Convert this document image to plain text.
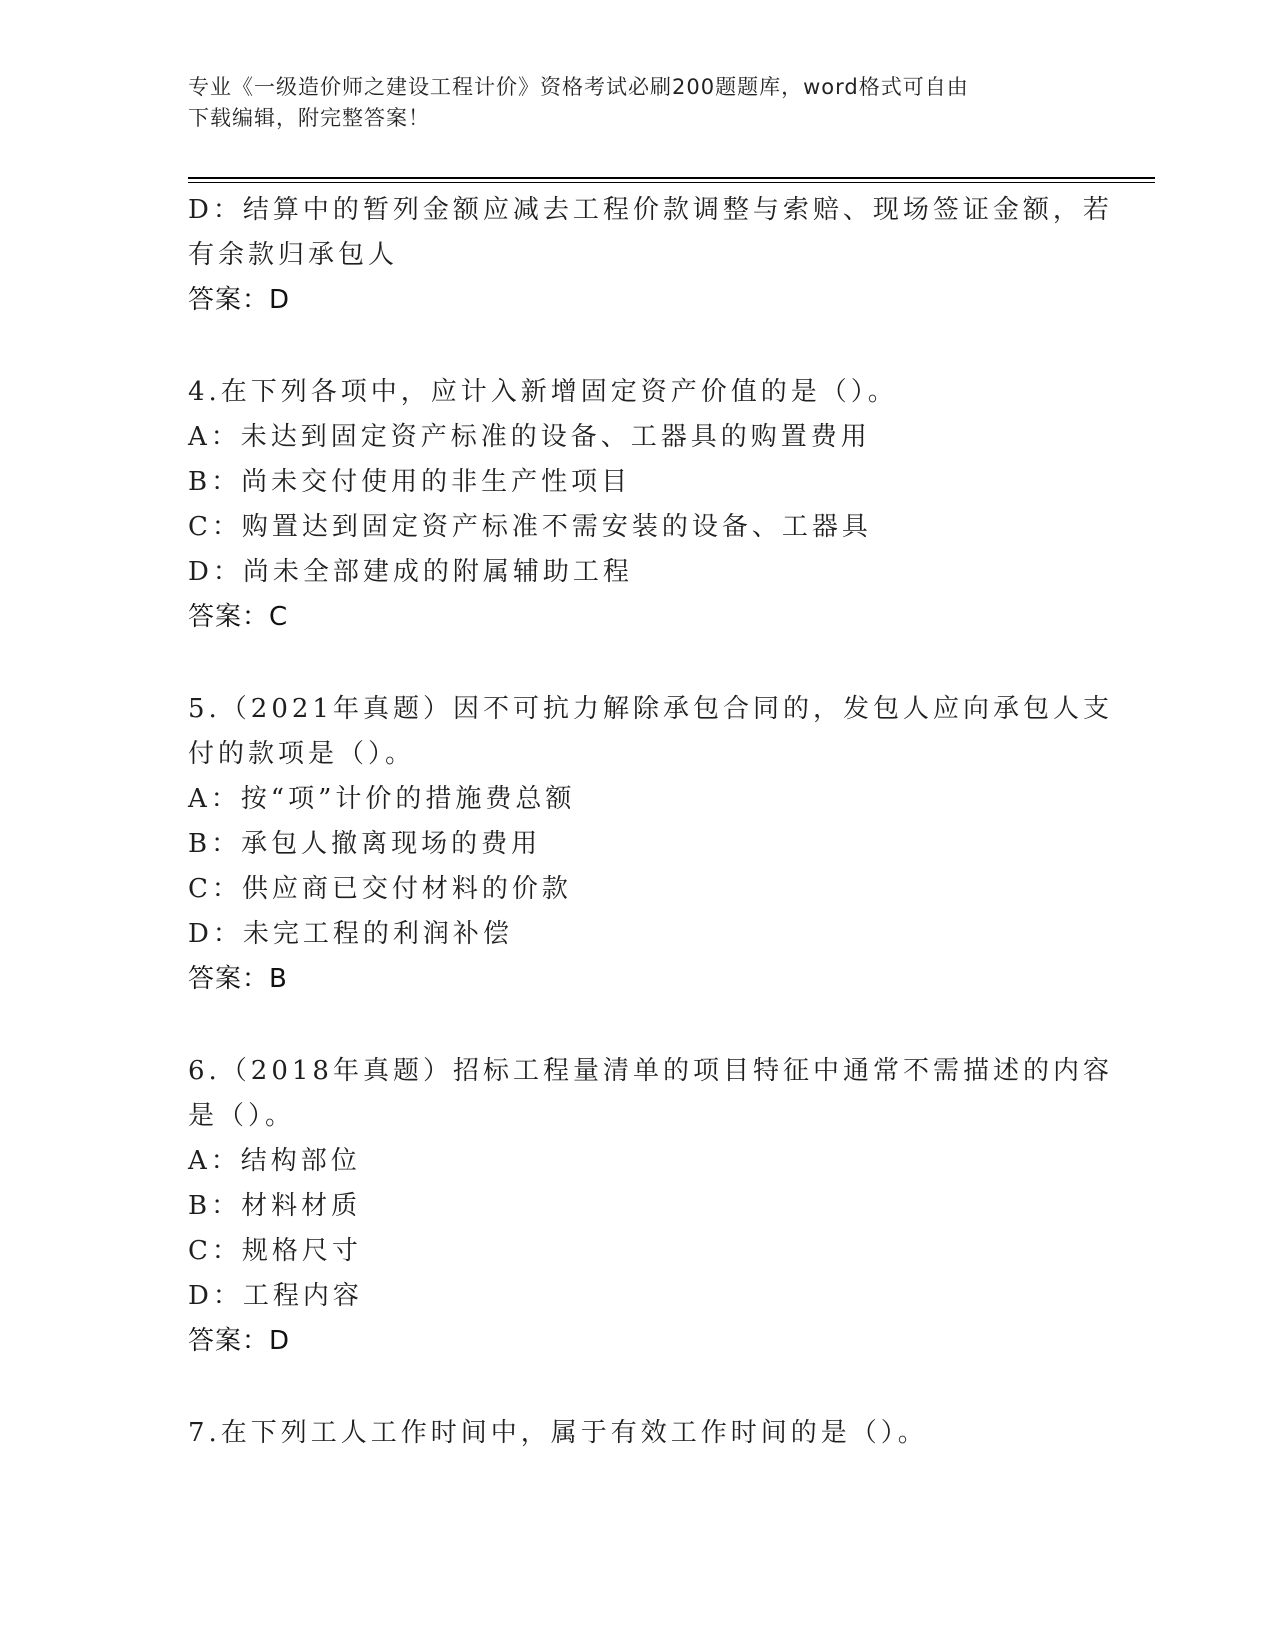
专业《一级造价师之建设工程计价》资格考试必刷200题题库，word格式可自由
下载编辑，附完整答案！
D：结算中的暂列金额应减去工程价款调整与索赔、现场签证金额，若
有余款归承包人
答案：D
4.在下列各项中，应计入新增固定资产价值的是（）。
A：未达到固定资产标准的设备、工器具的购置费用
B：尚未交付使用的非生产性项目
C：购置达到固定资产标准不需安装的设备、工器具
D：尚未全部建成的附属辅助工程
答案：C
5.（2021年真题）因不可抗力解除承包合同的，发包人应向承包人支
付的款项是（）。
A：按“项”计价的措施费总额
B：承包人撤离现场的费用
C：供应商已交付材料的价款
D：未完工程的利润补偿
答案：B
6.（2018年真题）招标工程量清单的项目特征中通常不需描述的内容
是（）。
A：结构部位
B：材料材质
C：规格尺寸
D：工程内容
答案：D
7.在下列工人工作时间中，属于有效工作时间的是（）。
